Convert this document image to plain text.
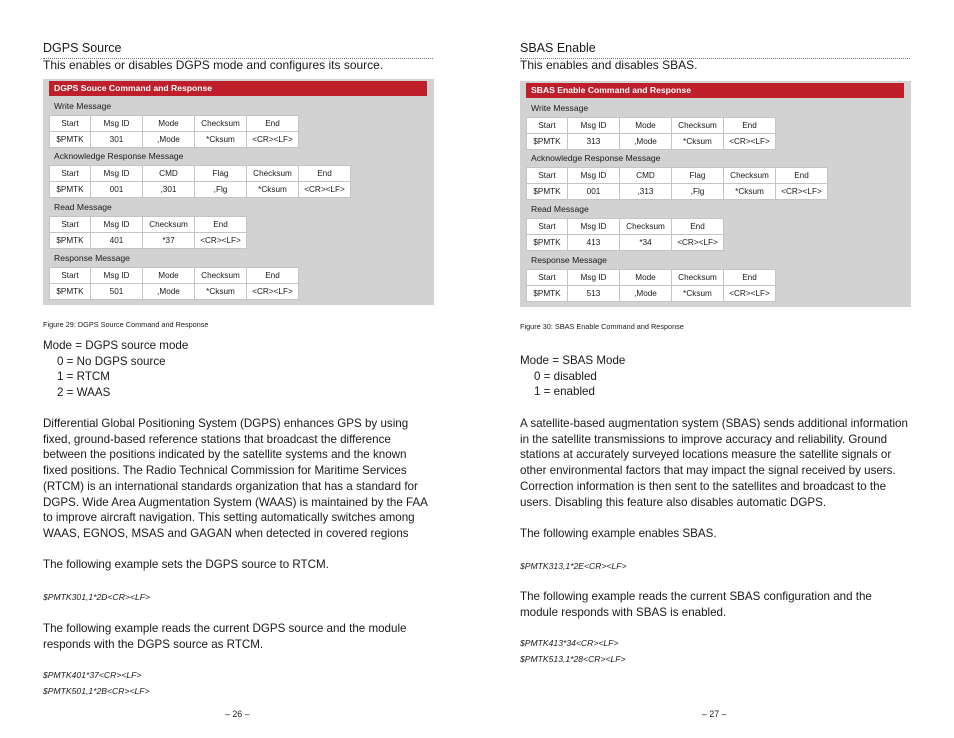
DGPS Source
This enables or disables DGPS mode and configures its source.
DGPS Souce Command and Response
Write Message
Start	Msg ID	Mode	Checksum	End
$PMTK	301	,Mode	*Cksum	<CR><LF>
Acknowledge Response Message
Start	Msg ID	CMD	Flag	Checksum	End
$PMTK	001	,301	,Flg	*Cksum	<CR><LF>
Read Message
Start	Msg ID	Checksum	End
$PMTK	401	*37	<CR><LF>
Response Message
Start	Msg ID	Mode	Checksum	End
$PMTK	501	,Mode	*Cksum	<CR><LF>
Figure 29: DGPS Source Command and Response
Mode = DGPS source mode
0 = No DGPS source
1 = RTCM
2 = WAAS
Differential Global Positioning System (DGPS) enhances GPS by using
fixed, ground-based reference stations that broadcast the difference
between the positions indicated by the satellite systems and the known
fixed positions. The Radio Technical Commission for Maritime Services
(RTCM) is an international standards organization that has a standard for
DGPS. Wide Area Augmentation System (WAAS) is maintained by the FAA
to improve aircraft navigation. This setting automatically switches among
WAAS, EGNOS, MSAS and GAGAN when detected in covered regions
The following example sets the DGPS source to RTCM.
$PMTK301,1*2D<CR><LF>
The following example reads the current DGPS source and the module
responds with the DGPS source as RTCM.
$PMTK401*37<CR><LF>
$PMTK501,1*2B<CR><LF>
– 26 –
SBAS Enable
This enables and disables SBAS.
SBAS Enable Command and Response
Write Message
Start	Msg ID	Mode	Checksum	End
$PMTK	313	,Mode	*Cksum	<CR><LF>
Acknowledge Response Message
Start	Msg ID	CMD	Flag	Checksum	End
$PMTK	001	,313	,Flg	*Cksum	<CR><LF>
Read Message
Start	Msg ID	Checksum	End
$PMTK	413	*34	<CR><LF>
Response Message
Start	Msg ID	Mode	Checksum	End
$PMTK	513	,Mode	*Cksum	<CR><LF>
Figure 30: SBAS Enable Command and Response
Mode = SBAS Mode
0 = disabled
1 = enabled
A satellite-based augmentation system (SBAS) sends additional information
in the satellite transmissions to improve accuracy and reliability. Ground
stations at accurately surveyed locations measure the satellite signals or
other environmental factors that may impact the signal received by users.
Correction information is then sent to the satellites and broadcast to the
users. Disabling this feature also disables automatic DGPS.
The following example enables SBAS.
$PMTK313,1*2E<CR><LF>
The following example reads the current SBAS configuration and the
module responds with SBAS is enabled.
$PMTK413*34<CR><LF>
$PMTK513,1*28<CR><LF>
– 27 –
